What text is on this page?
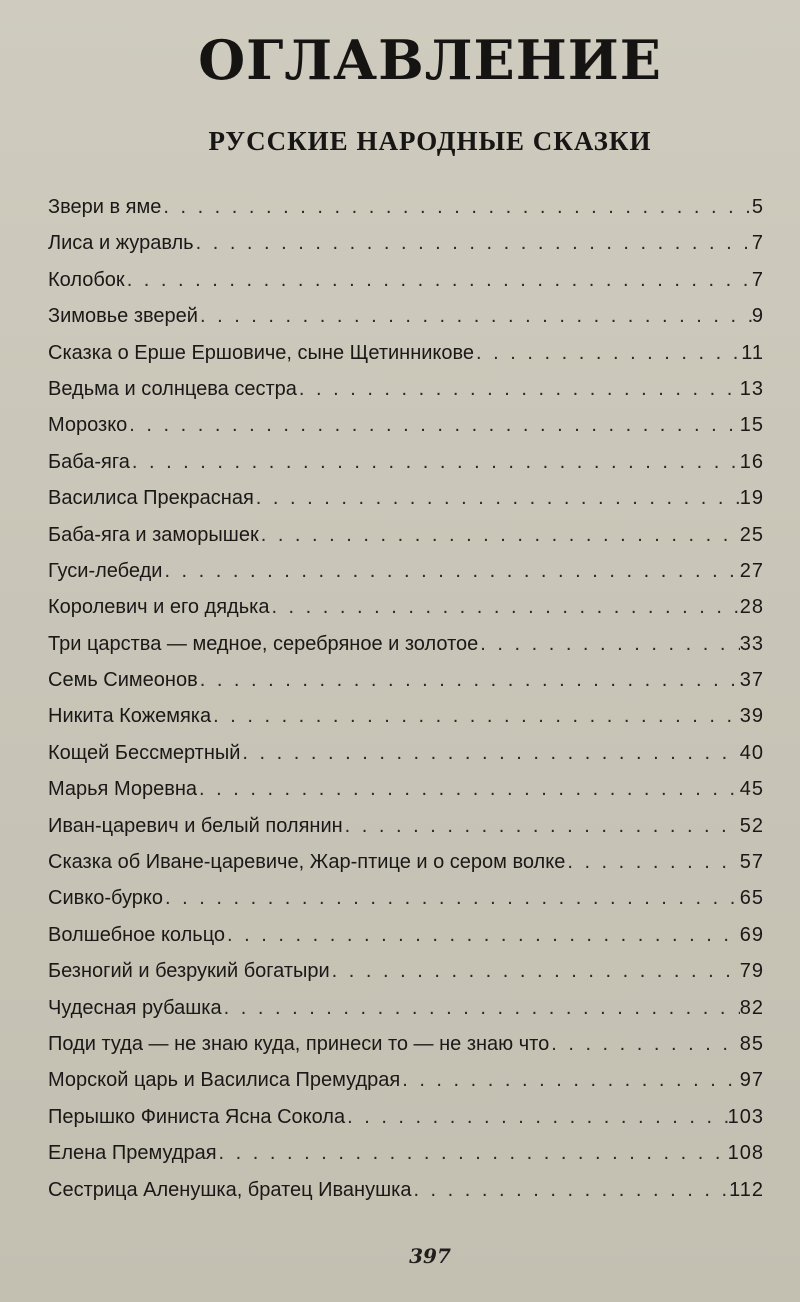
ОГЛАВЛЕНИЕ
РУССКИЕ НАРОДНЫЕ СКАЗКИ
Звери в яме . . .	5
Лиса и журавль . . .	7
Колобок . . .	7
Зимовье зверей . . .	9
Сказка о Ерше Ершовиче, сыне Щетинникове . . .	11
Ведьма и солнцева сестра . . .	13
Морозко . . .	15
Баба-яга . . .	16
Василиса Прекрасная . . .	19
Баба-яга и заморышек . . .	25
Гуси-лебеди . . .	27
Королевич и его дядька . . .	28
Три царства — медное, серебряное и золотое . . .	33
Семь Симеонов . . .	37
Никита Кожемяка . . .	39
Кощей Бессмертный . . .	40
Марья Моревна . . .	45
Иван-царевич и белый полянин . . .	52
Сказка об Иване-царевиче, Жар-птице и о сером волке . . .	57
Сивко-бурко . . .	65
Волшебное кольцо . . .	69
Безногий и безрукий богатыри . . .	79
Чудесная рубашка . . .	82
Поди туда — не знаю куда, принеси то — не знаю что . . .	85
Морской царь и Василиса Премудрая . . .	97
Перышко Финиста Ясна Сокола . . .	103
Елена Премудрая . . .	108
Сестрица Аленушка, братец Иванушка . . .	112
397
